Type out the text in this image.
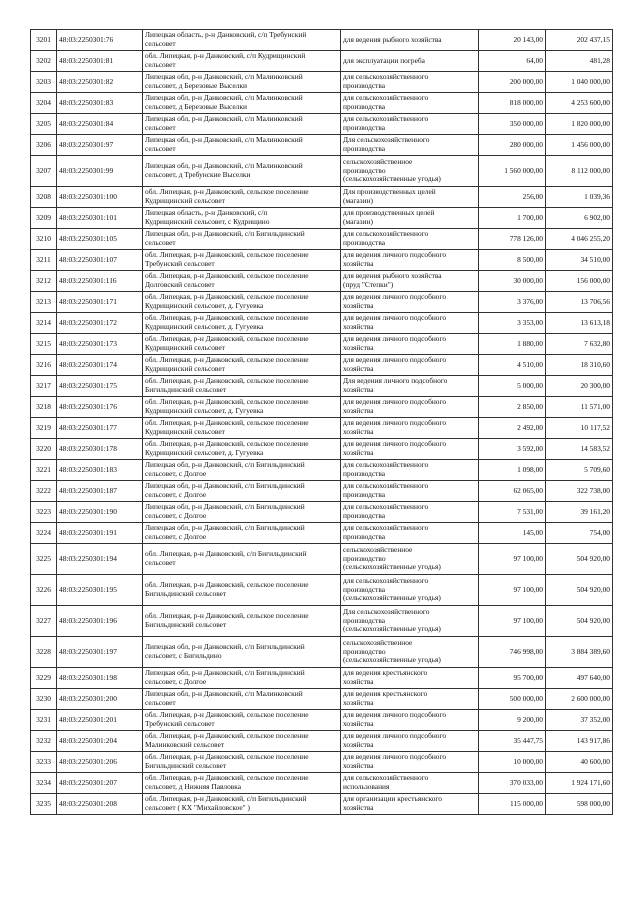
3201	48:03:2250301:76	Липецкая область, р-н Данковский, с/п Требунский
сельсовет	для ведения рыбного хозяйства	20 143,00	202 437,15
3202	48:03:2250301:81	обл. Липецкая, р-н Данковский, с/п Кудрищинский
сельсовет	для эксплуатации погреба	64,00	481,28
3203	48:03:2250301:82	Липецкая обл, р-н Данковский, с/п Малинковский
сельсовет, д Березовые Выселки	для сельскохозяйственного
производства	200 000,00	1 040 000,00
3204	48:03:2250301:83	Липецкая обл, р-н Данковский, с/п Малинковский
сельсовет, д Березовые Выселки	для сельскохозяйственного
производства	818 000,00	4 253 600,00
3205	48:03:2250301:84	Липецкая обл, р-н Данковский, с/п Малинковский
сельсовет	для сельскохозяйственного
производства	350 000,00	1 820 000,00
3206	48:03:2250301:97	Липецкая обл, р-н Данковский, с/п Малинковский
сельсовет	Для сельскохозяйственного
производства	280 000,00	1 456 000,00
3207	48:03:2250301:99	Липецкая обл, р-н Данковский, с/п Малинковский
сельсовет, д Требунские Выселки	сельскохозяйственное
производство
(сельскохозяйственные угодья)	1 560 000,00	8 112 000,00
3208	48:03:2250301:100	обл. Липецкая, р-н Данковский, сельское поселение
Кудрищинский сельсовет	Для производственных целей
(магазин)	256,00	1 039,36
3209	48:03:2250301:101	Липецкая область, р-н Данковский, с/п
Кудрищинский сельсовет, с Кудрищино	для производственных целей
(магазин)	1 700,00	6 902,00
3210	48:03:2250301:105	Липецкая обл, р-н Данковский, с/п Бигильдинский
сельсовет	для сельскохозяйственного
производства	778 126,00	4 046 255,20
3211	48:03:2250301:107	обл. Липецкая, р-н Данковский, сельское поселение
Требунский сельсовет	для ведения личного подсобного
хозяйства	8 500,00	34 510,00
3212	48:03:2250301:116	обл. Липецкая, р-н Данковский, сельское поселение
Долговский сельсовет	для ведения рыбного хозяйства
(пруд "Степки")	30 000,00	156 000,00
3213	48:03:2250301:171	обл. Липецкая, р-н Данковский, сельское поселение
Кудрищинский сельсовет, д. Гугуевка	для ведения личного подсобного
хозяйства	3 376,00	13 706,56
3214	48:03:2250301:172	обл. Липецкая, р-н Данковский, сельское поселение
Кудрищинский сельсовет, д. Гугуевка	для ведения личного подсобного
хозяйства	3 353,00	13 613,18
3215	48:03:2250301:173	обл. Липецкая, р-н Данковский, сельское поселение
Кудрищинский сельсовет	для ведения личного подсобного
хозяйства	1 880,00	7 632,80
3216	48:03:2250301:174	обл. Липецкая, р-н Данковский, сельское поселение
Кудрищинский сельсовет	для ведения личного подсобного
хозяйства	4 510,00	18 310,60
3217	48:03:2250301:175	обл. Липецкая, р-н Данковский, сельское поселение
Бигильдинский сельсовет	Для ведения личного подсобного
хозяйства	5 000,00	20 300,00
3218	48:03:2250301:176	обл. Липецкая, р-н Данковский, сельское поселение
Кудрищинский сельсовет, д. Гугуевка	для ведения личного подсобного
хозяйства	2 850,00	11 571,00
3219	48:03:2250301:177	обл. Липецкая, р-н Данковский, сельское поселение
Кудрищинский сельсовет	для ведения личного подсобного
хозяйства	2 492,00	10 117,52
3220	48:03:2250301:178	обл. Липецкая, р-н Данковский, сельское поселение
Кудрищинский сельсовет, д. Гугуевка	для ведения личного подсобного
хозяйства	3 592,00	14 583,52
3221	48:03:2250301:183	Липецкая обл, р-н Данковский, с/п Бигильдинский
сельсовет, с Долгое	для сельскохозяйственного
производства	1 098,00	5 709,60
3222	48:03:2250301:187	Липецкая обл, р-н Данковский, с/п Бигильдинский
сельсовет, с Долгое	для сельскохозяйственного
производства	62 065,00	322 738,00
3223	48:03:2250301:190	Липецкая обл, р-н Данковский, с/п Бигильдинский
сельсовет, с Долгое	для сельскохозяйственного
производства	7 531,00	39 161,20
3224	48:03:2250301:191	Липецкая обл, р-н Данковский, с/п Бигильдинский
сельсовет, с Долгое	для сельскохозяйственного
производства	145,00	754,00
3225	48:03:2250301:194	обл. Липецкая, р-н Данковский, с/п Бигильдинский
сельсовет	сельскохозяйственное
производство
(сельскохозяйственные угодья)	97 100,00	504 920,00
3226	48:03:2250301:195	обл. Липецкая, р-н Данковский, сельское поселение
Бигильдинский сельсовет	для сельскохозяйственного
производства
(сельскохозяйственные угодья)	97 100,00	504 920,00
3227	48:03:2250301:196	обл. Липецкая, р-н Данковский, сельское поселение
Бигильдинский сельсовет	Для сельскохозяйственного
производства
(сельскохозяйственные угодья)	97 100,00	504 920,00
3228	48:03:2250301:197	Липецкая обл, р-н Данковский, с/п Бигильдинский
сельсовет, с Бигильдино	сельскохозяйственное
производство
(сельскохозяйственные угодья)	746 998,00	3 884 389,60
3229	48:03:2250301:198	Липецкая обл, р-н Данковский, с/п Бигильдинский
сельсовет, с Долгое	для ведения крестьянского
хозяйства	95 700,00	497 640,00
3230	48:03:2250301:200	Липецкая обл, р-н Данковский, с/п Малинковский
сельсовет	для ведения крестьянского
хозяйства	500 000,00	2 600 000,00
3231	48:03:2250301:201	обл. Липецкая, р-н Данковский, сельское поселение
Требунский сельсовет	для ведения личного подсобного
хозяйства	9 200,00	37 352,00
3232	48:03:2250301:204	обл. Липецкая, р-н Данковский, сельское поселение
Малинковский сельсовет	для ведения личного подсобного
хозяйства	35 447,75	143 917,86
3233	48:03:2250301:206	обл. Липецкая, р-н Данковский, сельское поселение
Бигильдинский сельсовет	для ведения личного подсобного
хозяйства	10 000,00	40 600,00
3234	48:03:2250301:207	обл. Липецкая, р-н Данковский, сельское поселение
сельсовет, д Нижняя Павловка	для сельскохозяйственного
использования	370 033,00	1 924 171,60
3235	48:03:2250301:208	обл. Липецкая, р-н Данковский, с/п Бигильдинский
сельсовет ( КХ "Михайловское" )	для организации крестьянского
хозяйства	115 000,00	598 000,00
